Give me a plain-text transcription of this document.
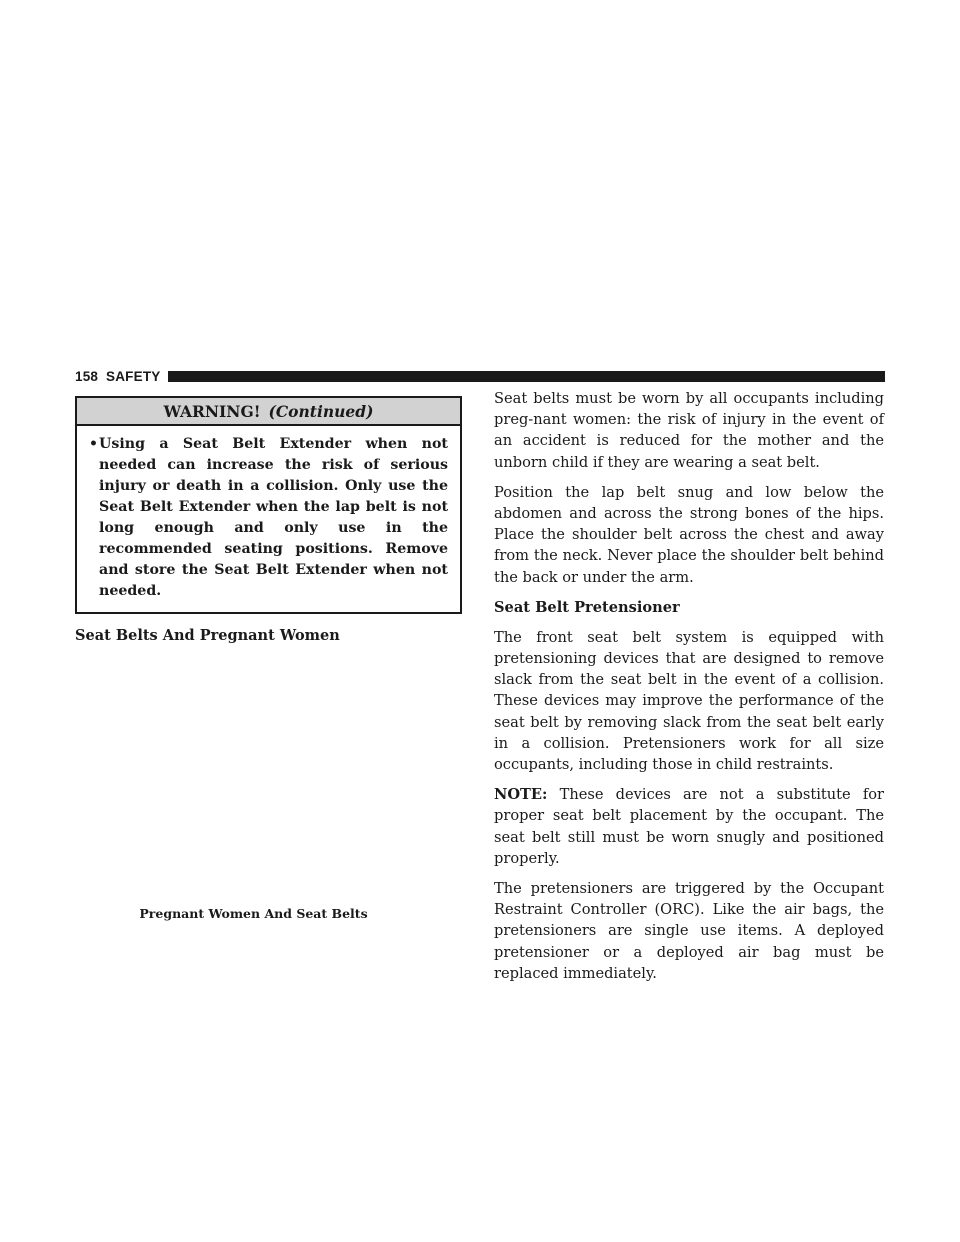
158 SAFETY
WARNING! (Continued)
• Using a Seat Belt Extender when not needed can increase the risk of serious injury or death in a collision. Only use the Seat Belt Extender when the lap belt is not long enough and only use in the recommended seating positions. Remove and store the Seat Belt Extender when not needed.
Seat Belts And Pregnant Women
Pregnant Women And Seat Belts

Seat belts must be worn by all occupants including preg-nant women: the risk of injury in the event of an accident is reduced for the mother and the unborn child if they are wearing a seat belt.

Position the lap belt snug and low below the abdomen and across the strong bones of the hips. Place the shoulder belt across the chest and away from the neck. Never place the shoulder belt behind the back or under the arm.

Seat Belt Pretensioner

The front seat belt system is equipped with pretensioning devices that are designed to remove slack from the seat belt in the event of a collision. These devices may improve the performance of the seat belt by removing slack from the seat belt early in a collision. Pretensioners work for all size occupants, including those in child restraints.

NOTE: These devices are not a substitute for proper seat belt placement by the occupant. The seat belt still must be worn snugly and positioned properly.

The pretensioners are triggered by the Occupant Restraint Controller (ORC). Like the air bags, the pretensioners are single use items. A deployed pretensioner or a deployed air bag must be replaced immediately.
